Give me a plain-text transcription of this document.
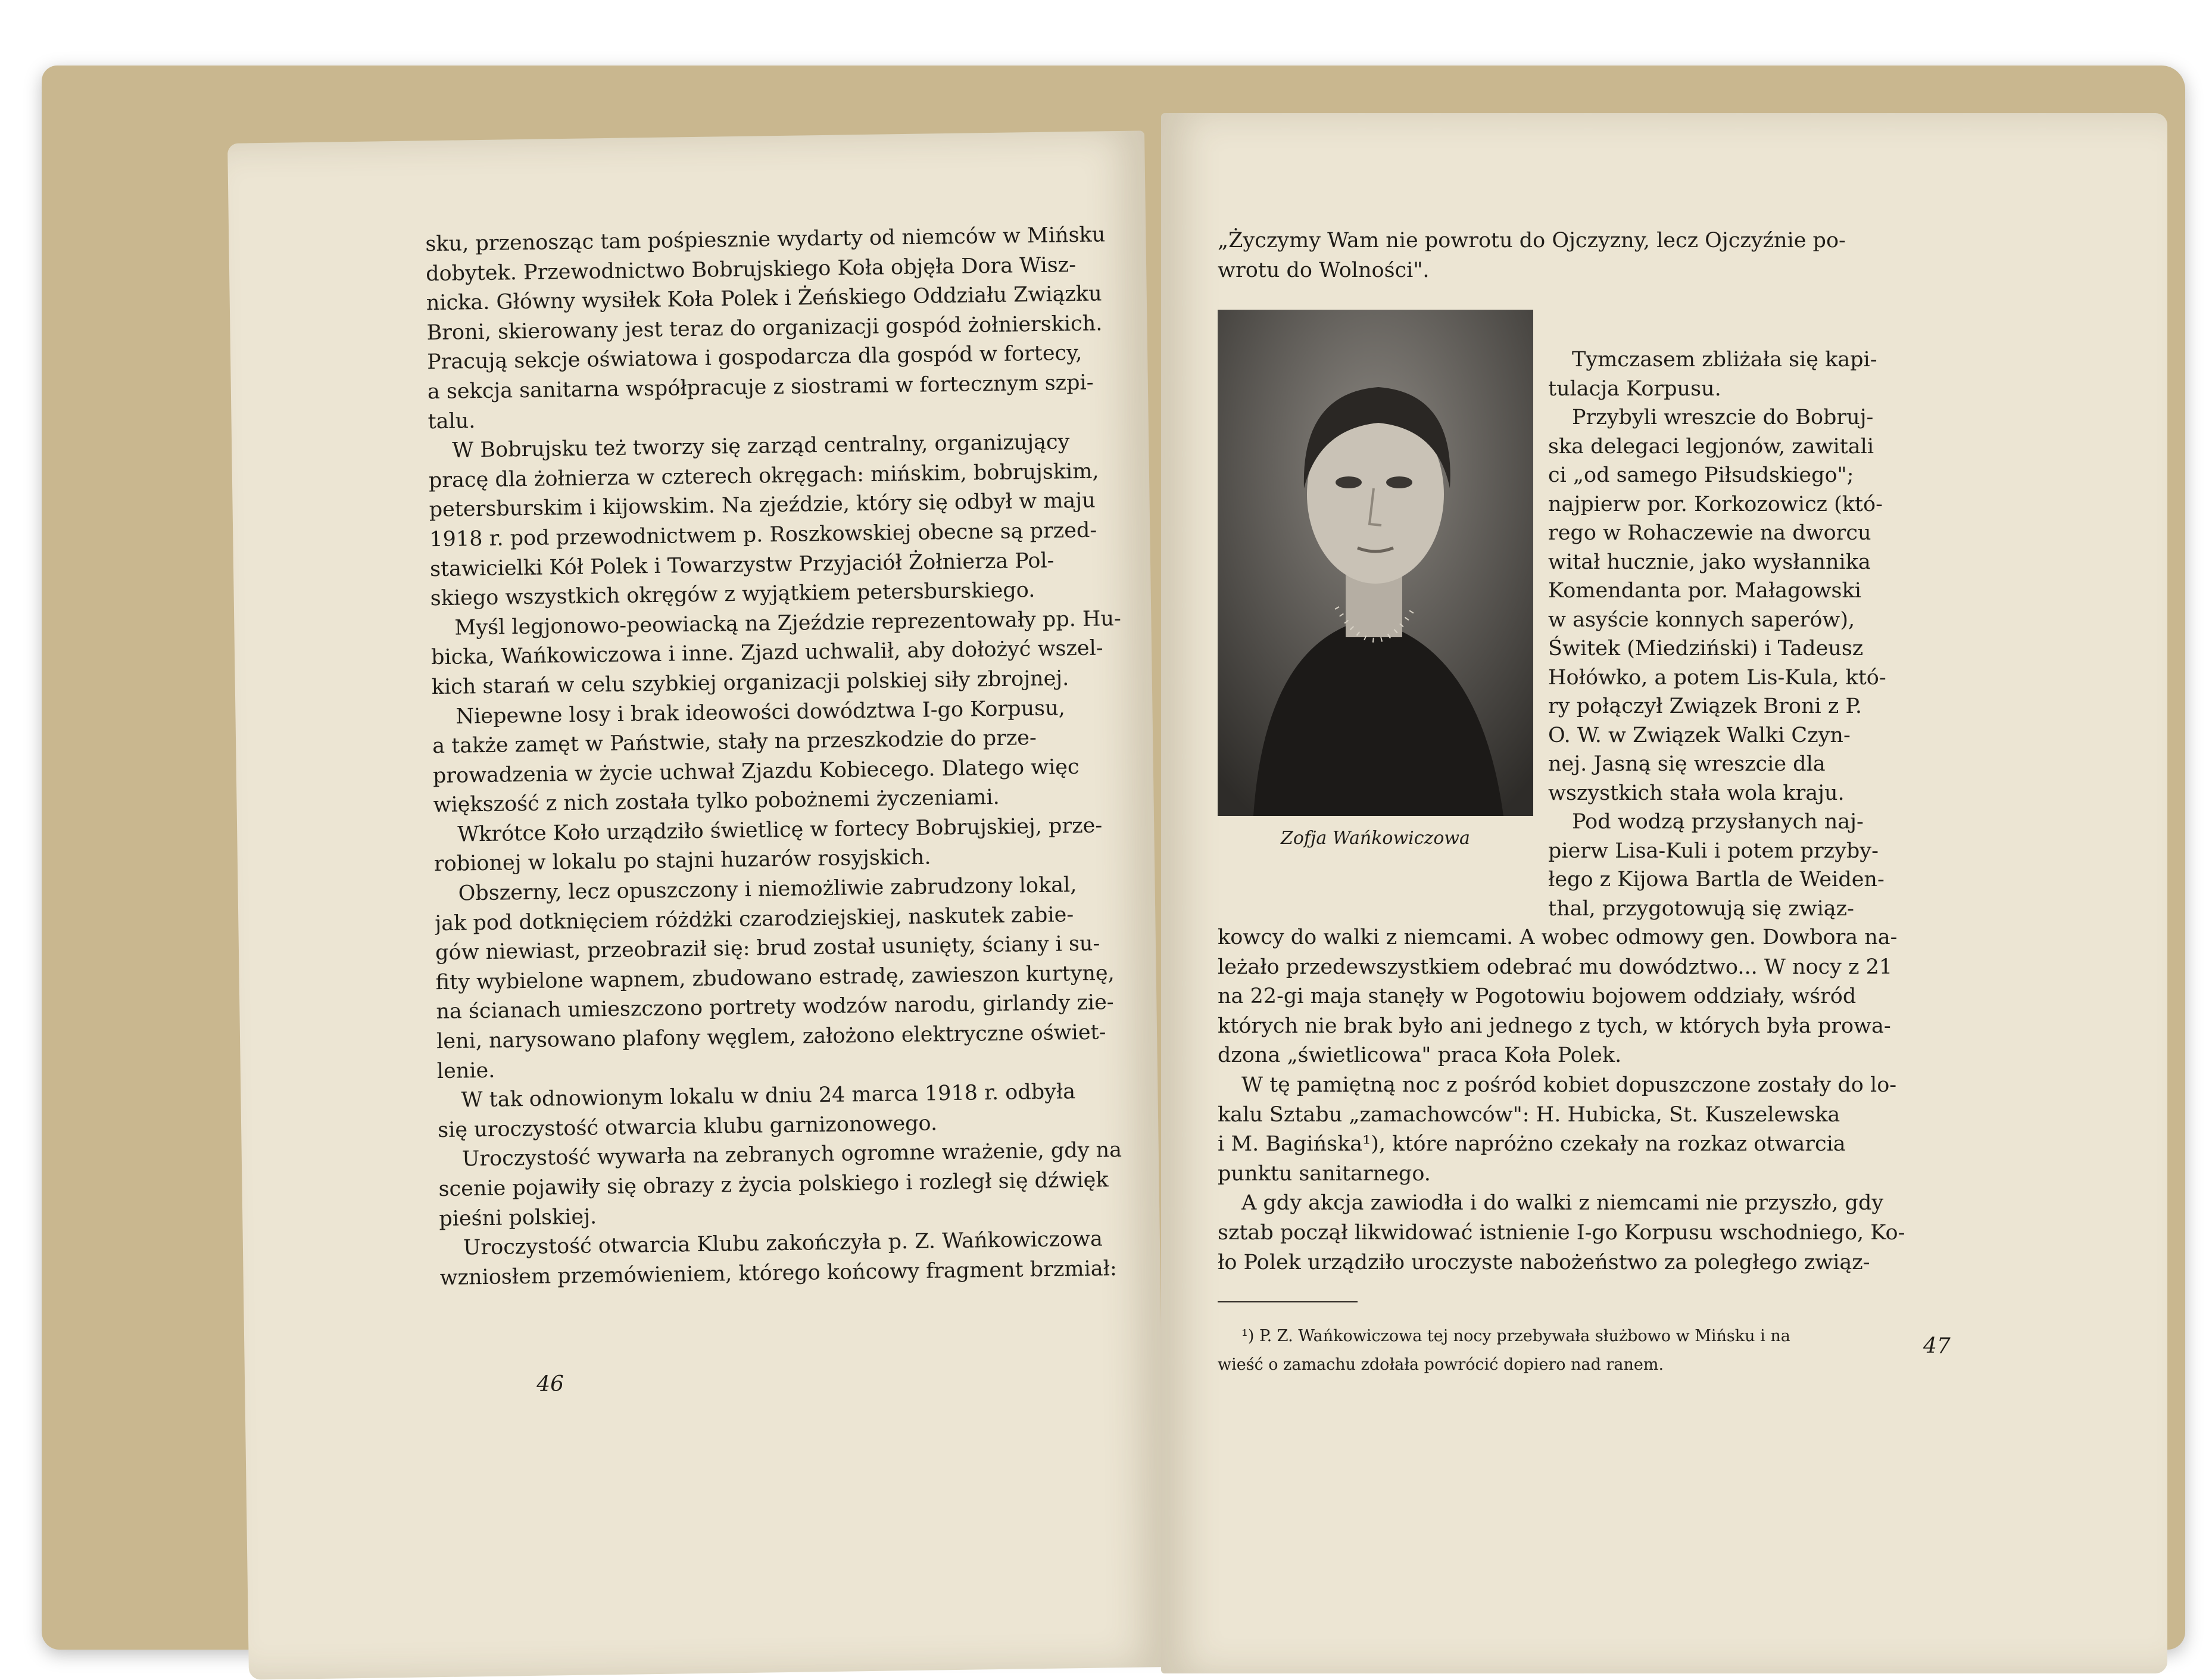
sku, przenosząc tam pośpiesznie wydarty od niemców w Mińsku
dobytek. Przewodnictwo Bobrujskiego Koła objęła Dora Wisz-
nicka. Główny wysiłek Koła Polek i Żeńskiego Oddziału Związku
Broni, skierowany jest teraz do organizacji gospód żołnierskich.
Pracują sekcje oświatowa i gospodarcza dla gospód w fortecy,
a sekcja sanitarna współpracuje z siostrami w fortecznym szpi-
talu.
W Bobrujsku też tworzy się zarząd centralny, organizujący
pracę dla żołnierza w czterech okręgach: mińskim, bobrujskim,
petersburskim i kijowskim. Na zjeździe, który się odbył w maju
1918 r. pod przewodnictwem p. Roszkowskiej obecne są przed-
stawicielki Kół Polek i Towarzystw Przyjaciół Żołnierza Pol-
skiego wszystkich okręgów z wyjątkiem petersburskiego.
Myśl legjonowo-peowiacką na Zjeździe reprezentowały pp. Hu-
bicka, Wańkowiczowa i inne. Zjazd uchwalił, aby dołożyć wszel-
kich starań w celu szybkiej organizacji polskiej siły zbrojnej.
Niepewne losy i brak ideowości dowództwa I-go Korpusu,
a także zamęt w Państwie, stały na przeszkodzie do prze-
prowadzenia w życie uchwał Zjazdu Kobiecego. Dlatego więc
większość z nich została tylko pobożnemi życzeniami.
Wkrótce Koło urządziło świetlicę w fortecy Bobrujskiej, prze-
robionej w lokalu po stajni huzarów rosyjskich.
Obszerny, lecz opuszczony i niemożliwie zabrudzony lokal,
jak pod dotknięciem różdżki czarodziejskiej, naskutek zabie-
gów niewiast, przeobraził się: brud został usunięty, ściany i su-
fity wybielone wapnem, zbudowano estradę, zawieszon kurtynę,
na ścianach umieszczono portrety wodzów narodu, girlandy zie-
leni, narysowano plafony węglem, założono elektryczne oświet-
lenie.
W tak odnowionym lokalu w dniu 24 marca 1918 r. odbyła
się uroczystość otwarcia klubu garnizonowego.
Uroczystość wywarła na zebranych ogromne wrażenie, gdy na
scenie pojawiły się obrazy z życia polskiego i rozległ się dźwięk
pieśni polskiej.
Uroczystość otwarcia Klubu zakończyła p. Z. Wańkowiczowa
wzniosłem przemówieniem, którego końcowy fragment brzmiał:
46
„Życzymy Wam nie powrotu do Ojczyzny, lecz Ojczyźnie po-
wrotu do Wolności".
Zofja Wańkowiczowa
Tymczasem zbliżała się kapi-
tulacja Korpusu.
Przybyli wreszcie do Bobruj-
ska delegaci legjonów, zawitali
ci „od samego Piłsudskiego";
najpierw por. Korkozowicz (któ-
rego w Rohaczewie na dworcu
witał hucznie, jako wysłannika
Komendanta por. Małagowski
w asyście konnych saperów),
Świtek (Miedziński) i Tadeusz
Hołówko, a potem Lis-Kula, któ-
ry połączył Związek Broni z P.
O. W. w Związek Walki Czyn-
nej. Jasną się wreszcie dla
wszystkich stała wola kraju.
Pod wodzą przysłanych naj-
pierw Lisa-Kuli i potem przyby-
łego z Kijowa Bartla de Weiden-
thal, przygotowują się związ-
kowcy do walki z niemcami. A wobec odmowy gen. Dowbora na-
leżało przedewszystkiem odebrać mu dowództwo... W nocy z 21
na 22-gi maja stanęły w Pogotowiu bojowem oddziały, wśród
których nie brak było ani jednego z tych, w których była prowa-
dzona „świetlicowa" praca Koła Polek.
W tę pamiętną noc z pośród kobiet dopuszczone zostały do lo-
kalu Sztabu „zamachowców": H. Hubicka, St. Kuszelewska
i M. Bagińska¹), które napróżno czekały na rozkaz otwarcia
punktu sanitarnego.
A gdy akcja zawiodła i do walki z niemcami nie przyszło, gdy
sztab począł likwidować istnienie I-go Korpusu wschodniego, Ko-
ło Polek urządziło uroczyste nabożeństwo za poległego związ-
¹) P. Z. Wańkowiczowa tej nocy przebywała służbowo w Mińsku i na
wieść o zamachu zdołała powrócić dopiero nad ranem.
47
